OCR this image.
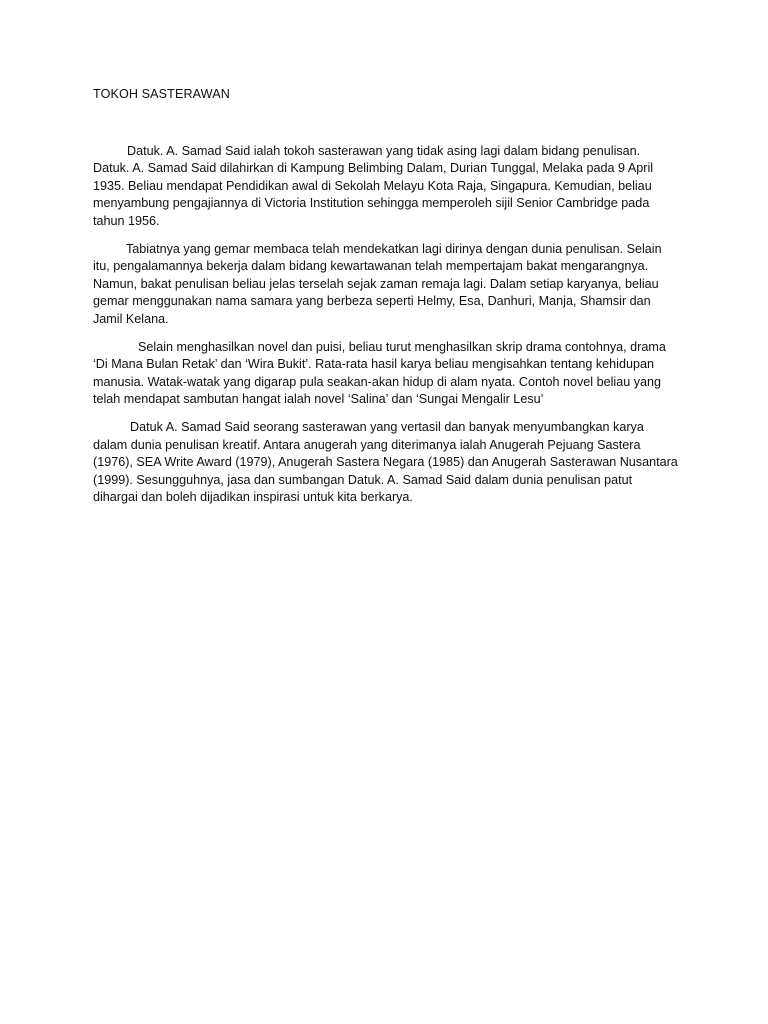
TOKOH SASTERAWAN

Datuk. A. Samad Said ialah tokoh sasterawan yang tidak asing lagi dalam bidang penulisan. Datuk. A. Samad Said dilahirkan di Kampung Belimbing Dalam, Durian Tunggal, Melaka pada 9 April 1935. Beliau mendapat Pendidikan awal di Sekolah Melayu Kota Raja, Singapura. Kemudian, beliau menyambung pengajiannya di Victoria Institution sehingga memperoleh sijil Senior Cambridge pada tahun 1956.

Tabiatnya yang gemar membaca telah mendekatkan lagi dirinya dengan dunia penulisan. Selain itu, pengalamannya bekerja dalam bidang kewartawanan telah mempertajam bakat mengarangnya. Namun, bakat penulisan beliau jelas terselah sejak zaman remaja lagi. Dalam setiap karyanya, beliau gemar menggunakan nama samara yang berbeza seperti Helmy, Esa, Danhuri, Manja, Shamsir dan Jamil Kelana.

Selain menghasilkan novel dan puisi, beliau turut menghasilkan skrip drama contohnya, drama ‘Di Mana Bulan Retak’ dan ‘Wira Bukit’. Rata-rata hasil karya beliau mengisahkan tentang kehidupan manusia. Watak-watak yang digarap pula seakan-akan hidup di alam nyata. Contoh novel beliau yang telah mendapat sambutan hangat ialah novel ‘Salina’ dan ‘Sungai Mengalir Lesu’

Datuk A. Samad Said seorang sasterawan yang vertasil dan banyak menyumbangkan karya dalam dunia penulisan kreatif. Antara anugerah yang diterimanya ialah Anugerah Pejuang Sastera (1976), SEA Write Award (1979), Anugerah Sastera Negara (1985) dan Anugerah Sasterawan Nusantara (1999). Sesungguhnya, jasa dan sumbangan Datuk. A. Samad Said dalam dunia penulisan patut dihargai dan boleh dijadikan inspirasi untuk kita berkarya.
